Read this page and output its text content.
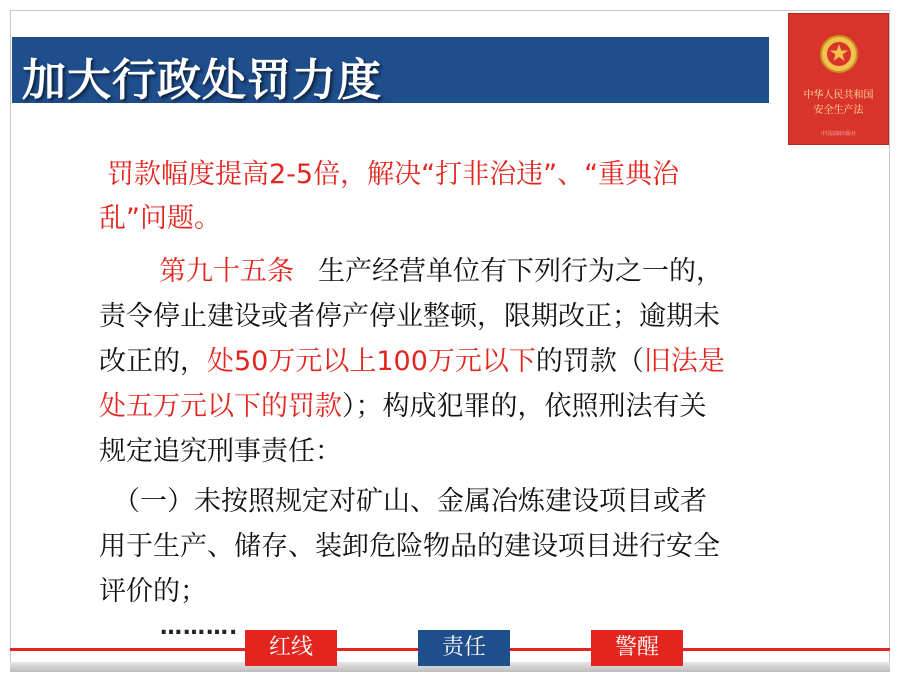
加大行政处罚力度	中华人民共和国
安全生产法
中国法制出版社
罚款幅度提高2-5倍，解决“打非治违”、“重典治
乱”问题。
第九十五条 生产经营单位有下列行为之一的，
责令停止建设或者停产停业整顿，限期改正；逾期未
改正的，处50万元以上100万元以下的罚款（旧法是
处五万元以下的罚款）；构成犯罪的，依照刑法有关
规定追究刑事责任：
（一）未按照规定对矿山、金属冶炼建设项目或者
用于生产、储存、装卸危险物品的建设项目进行安全
评价的；
……….
红线	责任	警醒
